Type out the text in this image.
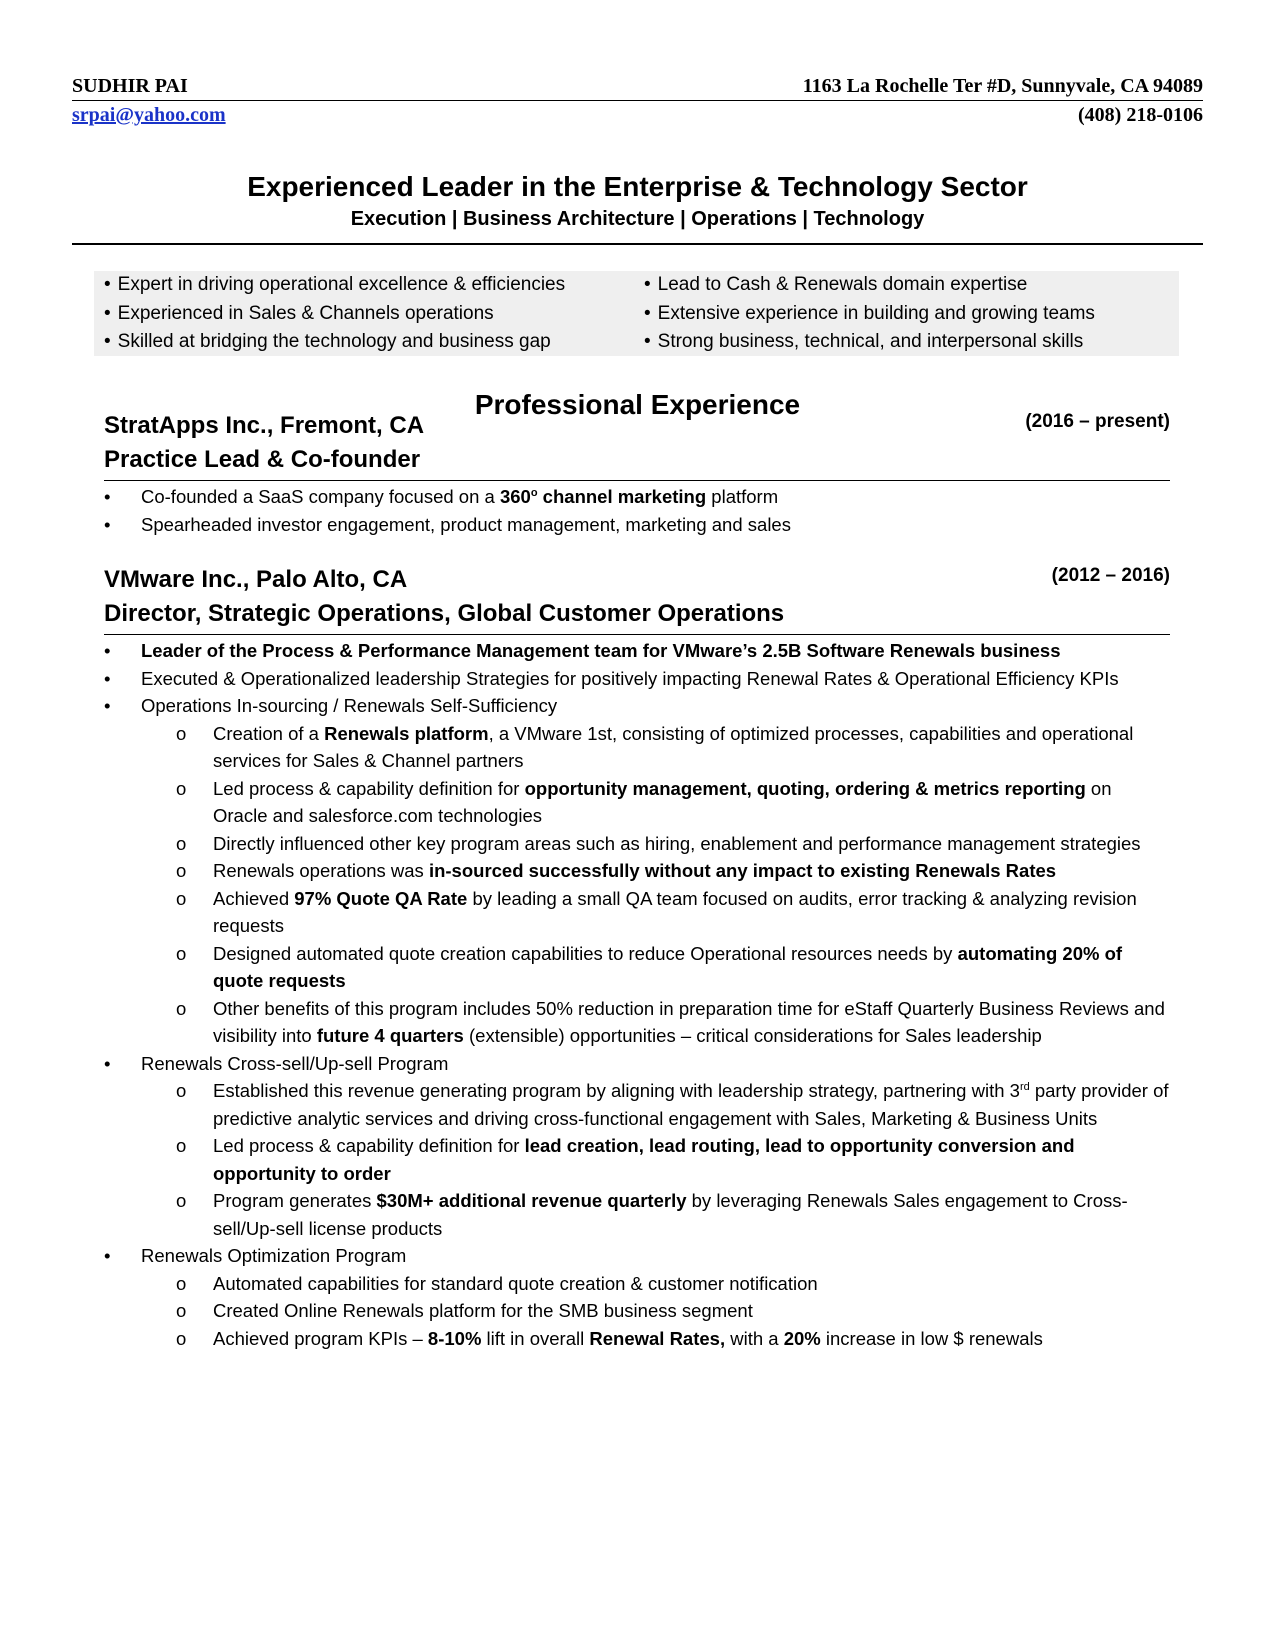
SUDHIR PAI	1163 La Rochelle Ter #D, Sunnyvale, CA 94089
srpai@yahoo.com	(408) 218-0106
Experienced Leader in the Enterprise & Technology Sector
Execution | Business Architecture | Operations | Technology
• Expert in driving operational excellence & efficiencies
• Experienced in Sales & Channels operations
• Skilled at bridging the technology and business gap
• Lead to Cash & Renewals domain expertise
• Extensive experience in building and growing teams
• Strong business, technical, and interpersonal skills
Professional Experience
StratApps Inc., Fremont, CA	(2016 – present)
Practice Lead & Co-founder
• Co-founded a SaaS company focused on a 360$^o$ channel marketing platform
• Spearheaded investor engagement, product management, marketing and sales
VMware Inc., Palo Alto, CA	(2012 – 2016)
Director, Strategic Operations, Global Customer Operations
• Leader of the Process & Performance Management team for VMware’s 2.5B Software Renewals business
• Executed & Operationalized leadership Strategies for positively impacting Renewal Rates & Operational Efficiency KPIs
• Operations In-sourcing / Renewals Self-Sufficiency
o Creation of a Renewals platform, a VMware 1st, consisting of optimized processes, capabilities and operational services for Sales & Channel partners
o Led process & capability definition for opportunity management, quoting, ordering & metrics reporting on Oracle and salesforce.com technologies
o Directly influenced other key program areas such as hiring, enablement and performance management strategies
o Renewals operations was in-sourced successfully without any impact to existing Renewals Rates
o Achieved 97% Quote QA Rate by leading a small QA team focused on audits, error tracking & analyzing revision requests
o Designed automated quote creation capabilities to reduce Operational resources needs by automating 20% of quote requests
o Other benefits of this program includes 50% reduction in preparation time for eStaff Quarterly Business Reviews and visibility into future 4 quarters (extensible) opportunities – critical considerations for Sales leadership
• Renewals Cross-sell/Up-sell Program
o Established this revenue generating program by aligning with leadership strategy, partnering with 3rd party provider of predictive analytic services and driving cross-functional engagement with Sales, Marketing & Business Units
o Led process & capability definition for lead creation, lead routing, lead to opportunity conversion and opportunity to order
o Program generates $30M+ additional revenue quarterly by leveraging Renewals Sales engagement to Cross-sell/Up-sell license products
• Renewals Optimization Program
o Automated capabilities for standard quote creation & customer notification
o Created Online Renewals platform for the SMB business segment
o Achieved program KPIs – 8-10% lift in overall Renewal Rates, with a 20% increase in low $ renewals
